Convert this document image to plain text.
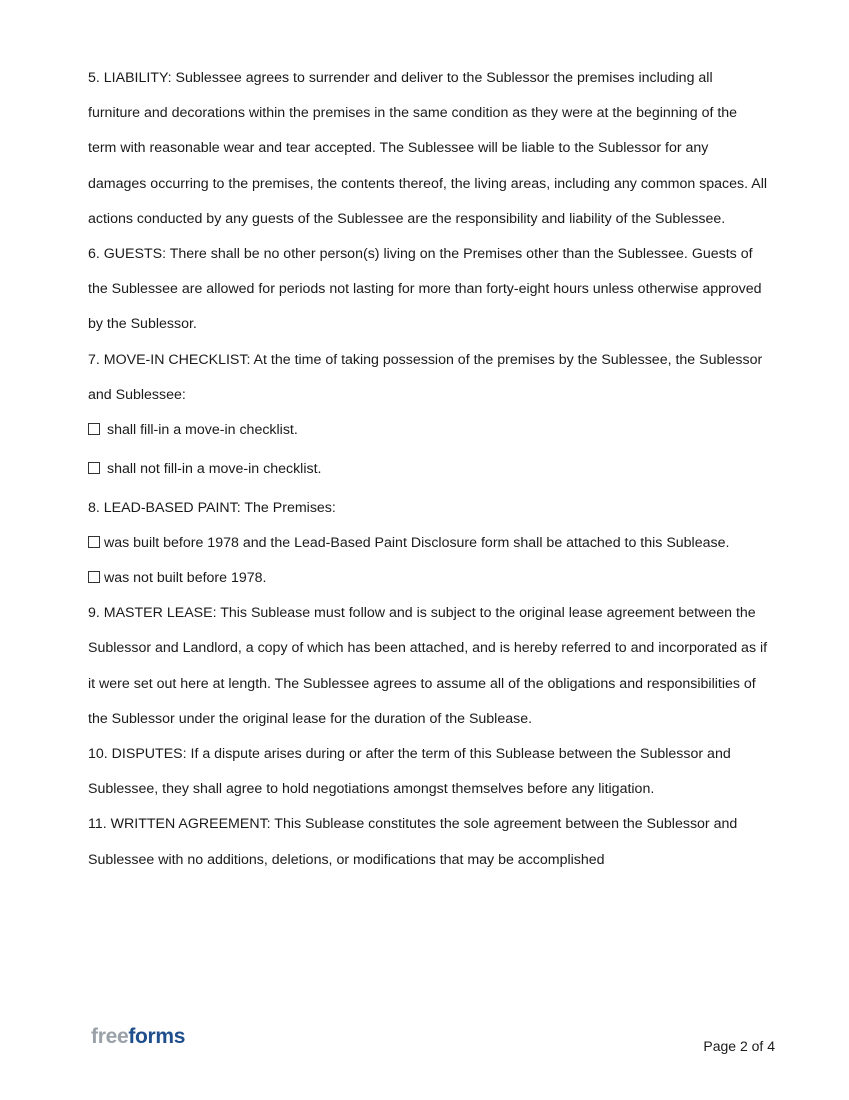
5. LIABILITY: Sublessee agrees to surrender and deliver to the Sublessor the premises including all furniture and decorations within the premises in the same condition as they were at the beginning of the term with reasonable wear and tear accepted. The Sublessee will be liable to the Sublessor for any damages occurring to the premises, the contents thereof, the living areas, including any common spaces. All actions conducted by any guests of the Sublessee are the responsibility and liability of the Sublessee.

6. GUESTS: There shall be no other person(s) living on the Premises other than the Sublessee. Guests of the Sublessee are allowed for periods not lasting for more than forty-eight hours unless otherwise approved by the Sublessor.

7. MOVE-IN CHECKLIST: At the time of taking possession of the premises by the Sublessee, the Sublessor and Sublessee:

shall fill-in a move-in checklist.

shall not fill-in a move-in checklist.

8. LEAD-BASED PAINT: The Premises:

was built before 1978 and the Lead-Based Paint Disclosure form shall be attached to this Sublease.

was not built before 1978.

9. MASTER LEASE: This Sublease must follow and is subject to the original lease agreement between the Sublessor and Landlord, a copy of which has been attached, and is hereby referred to and incorporated as if it were set out here at length. The Sublessee agrees to assume all of the obligations and responsibilities of the Sublessor under the original lease for the duration of the Sublease.

10. DISPUTES: If a dispute arises during or after the term of this Sublease between the Sublessor and Sublessee, they shall agree to hold negotiations amongst themselves before any litigation.

11. WRITTEN AGREEMENT: This Sublease constitutes the sole agreement between the Sublessor and Sublessee with no additions, deletions, or modifications that may be accomplished

freeforms	Page 2 of 4
